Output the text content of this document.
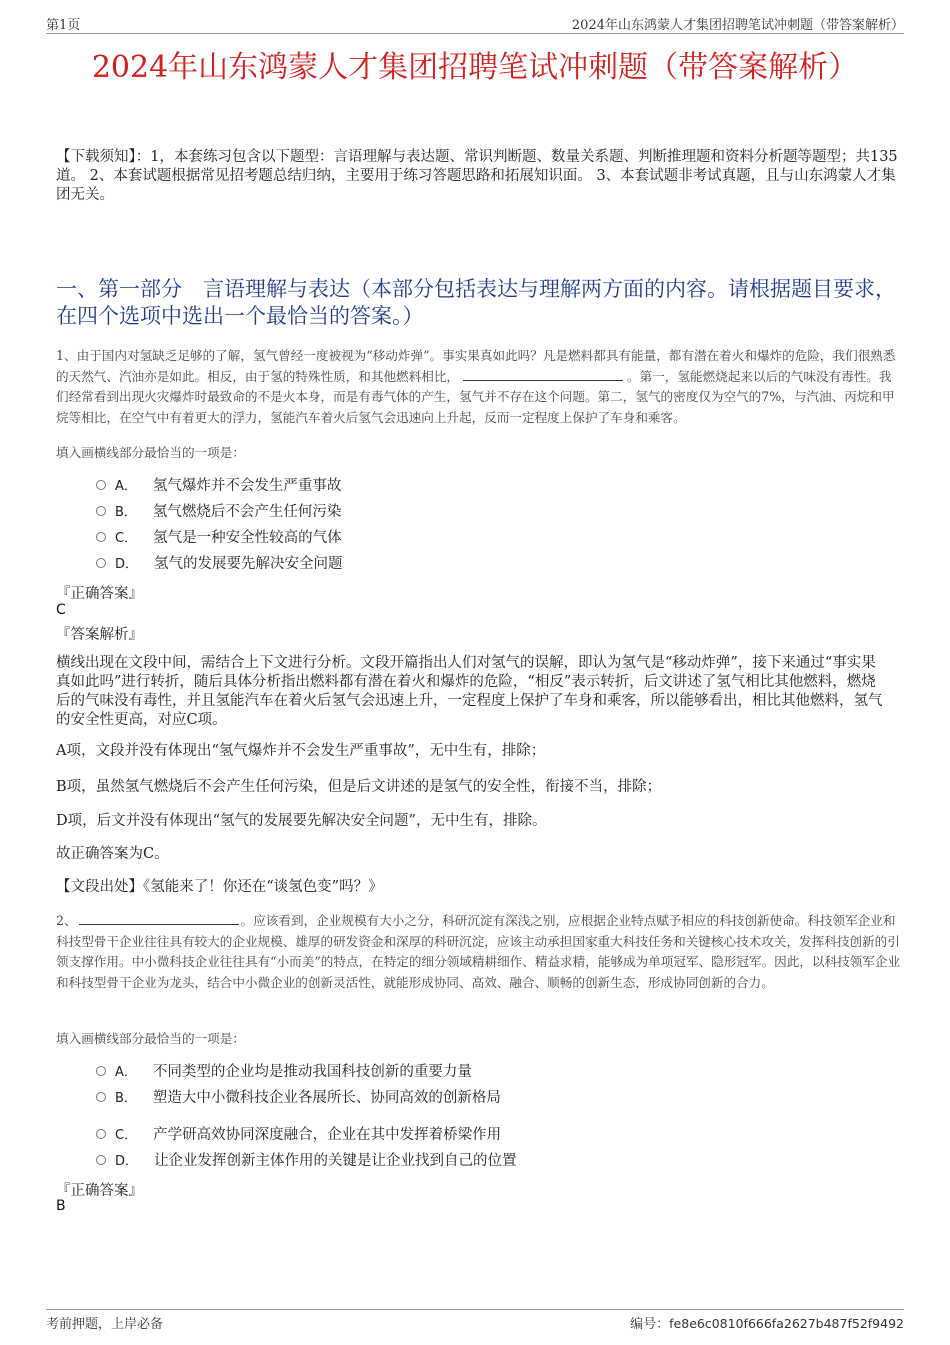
第1页	2024年山东鸿蒙人才集团招聘笔试冲刺题（带答案解析）
2024年山东鸿蒙人才集团招聘笔试冲刺题（带答案解析）
【下载须知】：1，本套练习包含以下题型：言语理解与表达题、常识判断题、数量关系题、判断推理题和资料分析题等题型；共135道。 2、本套试题根据常见招考题总结归纳，主要用于练习答题思路和拓展知识面。 3、本套试题非考试真题，且与山东鸿蒙人才集团无关。
一、第一部分　言语理解与表达（本部分包括表达与理解两方面的内容。请根据题目要求，在四个选项中选出一个最恰当的答案。）
1、由于国内对氢缺乏足够的了解，氢气曾经一度被视为“移动炸弹”。事实果真如此吗？凡是燃料都具有能量，都有潜在着火和爆炸的危险，我们很熟悉的天然气、汽油亦是如此。相反，由于氢的特殊性质，和其他燃料相比，	。第一，氢能燃烧起来以后的气味没有毒性。我们经常看到出现火灾爆炸时最致命的不是火本身，而是有毒气体的产生，氢气并不存在这个问题。第二，氢气的密度仅为空气的7%，与汽油、丙烷和甲烷等相比，在空气中有着更大的浮力，氢能汽车着火后氢气会迅速向上升起，反而一定程度上保护了车身和乘客。
填入画横线部分最恰当的一项是：
A． 氢气爆炸并不会发生严重事故
B． 氢气燃烧后不会产生任何污染
C． 氢气是一种安全性较高的气体
D． 氢气的发展要先解决安全问题
『正确答案』
C
『答案解析』
横线出现在文段中间，需结合上下文进行分析。文段开篇指出人们对氢气的误解，即认为氢气是“移动炸弹”，接下来通过“事实果真如此吗”进行转折，随后具体分析指出燃料都有潜在着火和爆炸的危险，“相反”表示转折，后文讲述了氢气相比其他燃料，燃烧后的气味没有毒性，并且氢能汽车在着火后氢气会迅速上升，一定程度上保护了车身和乘客，所以能够看出，相比其他燃料，氢气的安全性更高，对应C项。
A项，文段并没有体现出“氢气爆炸并不会发生严重事故”，无中生有，排除；
B项，虽然氢气燃烧后不会产生任何污染，但是后文讲述的是氢气的安全性，衔接不当，排除；
D项，后文并没有体现出“氢气的发展要先解决安全问题”，无中生有，排除。
故正确答案为C。
【文段出处】《氢能来了！你还在“谈氢色变”吗？》
2、	。应该看到，企业规模有大小之分，科研沉淀有深浅之别，应根据企业特点赋予相应的科技创新使命。科技领军企业和科技型骨干企业往往具有较大的企业规模、雄厚的研发资金和深厚的科研沉淀，应该主动承担国家重大科技任务和关键核心技术攻关，发挥科技创新的引领支撑作用。中小微科技企业往往具有“小而美”的特点，在特定的细分领域精耕细作、精益求精，能够成为单项冠军、隐形冠军。因此，以科技领军企业和科技型骨干企业为龙头，结合中小微企业的创新灵活性，就能形成协同、高效、融合、顺畅的创新生态，形成协同创新的合力。
填入画横线部分最恰当的一项是：
A． 不同类型的企业均是推动我国科技创新的重要力量
B． 塑造大中小微科技企业各展所长、协同高效的创新格局
C． 产学研高效协同深度融合，企业在其中发挥着桥梁作用
D． 让企业发挥创新主体作用的关键是让企业找到自己的位置
『正确答案』
B
考前押题，上岸必备	编号：fe8e6c0810f666fa2627b487f52f9492
